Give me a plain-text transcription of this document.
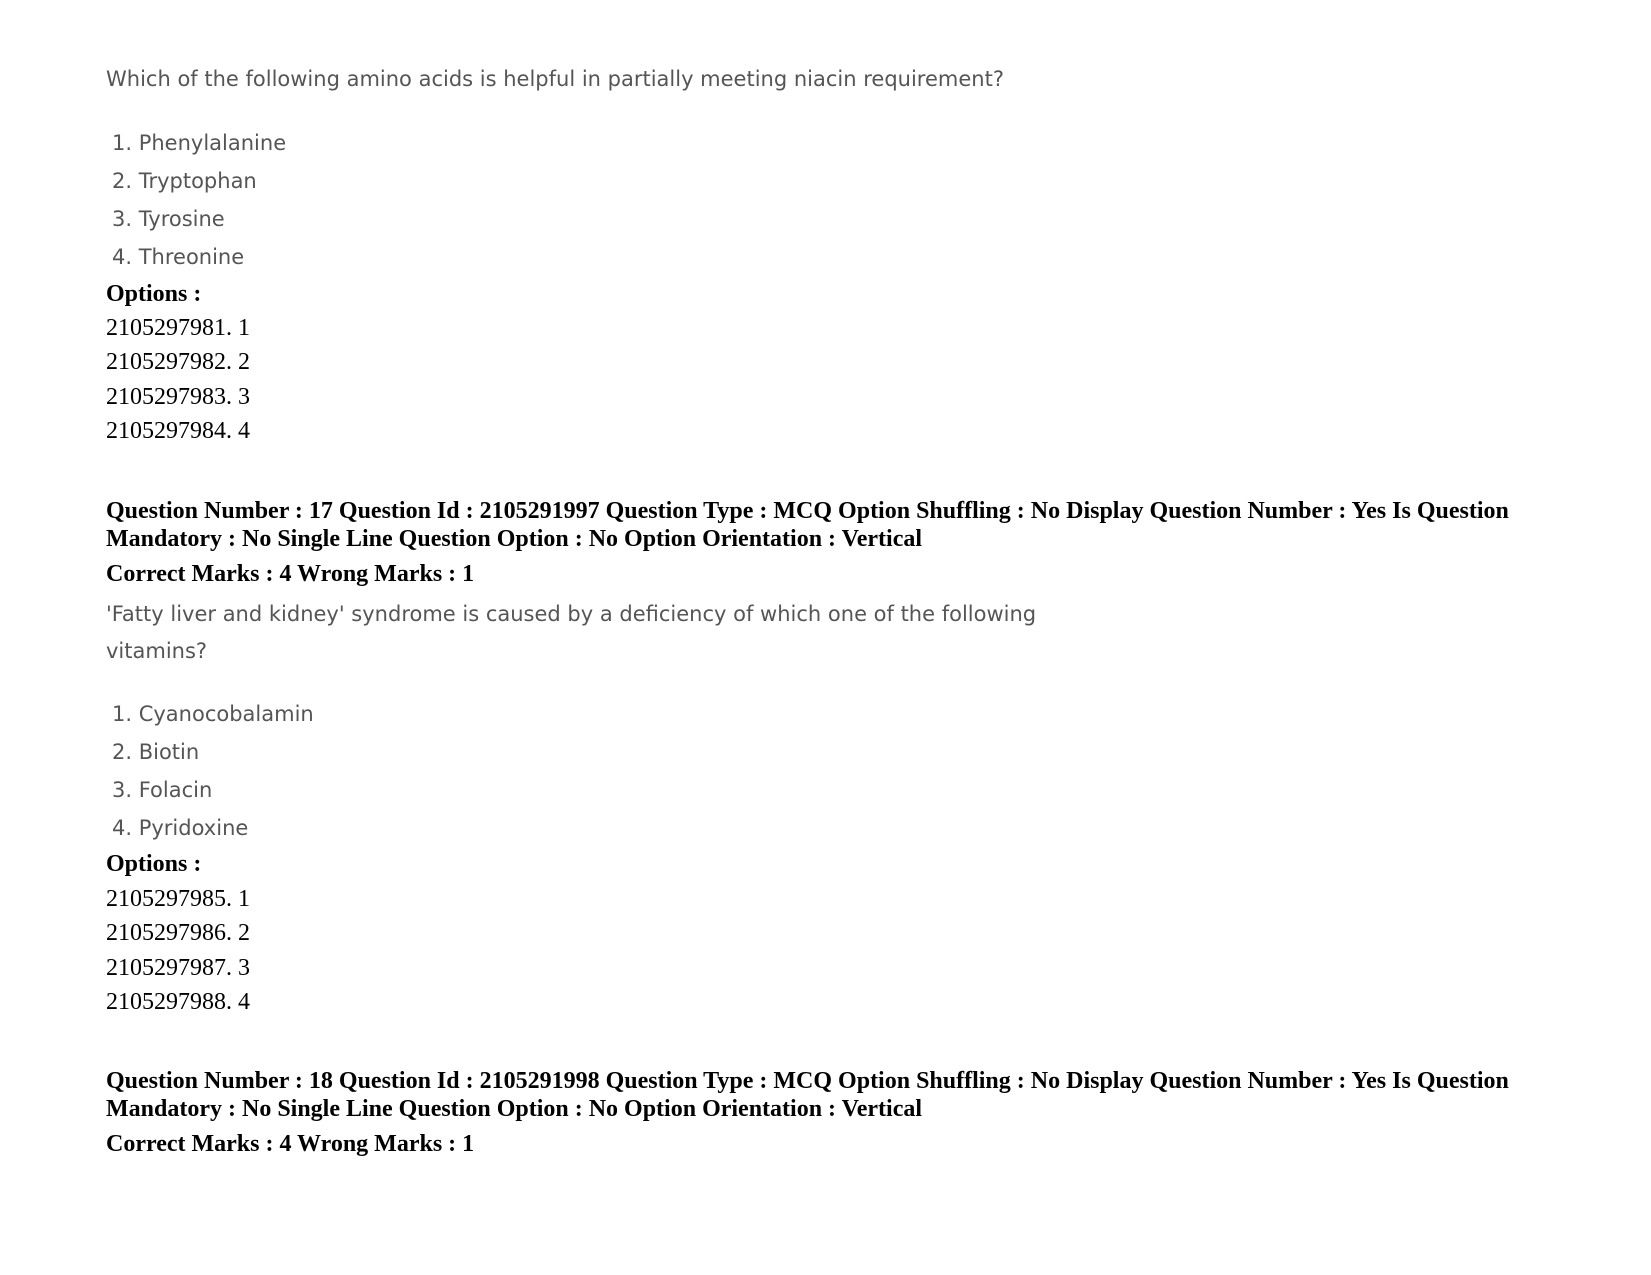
Which of the following amino acids is helpful in partially meeting niacin requirement?
1. Phenylalanine
2. Tryptophan
3. Tyrosine
4. Threonine
Options :
2105297981. 1
2105297982. 2
2105297983. 3
2105297984. 4
Question Number : 17 Question Id : 2105291997 Question Type : MCQ Option Shuffling : No Display Question Number : Yes Is Question Mandatory : No Single Line Question Option : No Option Orientation : Vertical
Correct Marks : 4 Wrong Marks : 1
'Fatty liver and kidney' syndrome is caused by a deficiency of which one of the following
vitamins?
1. Cyanocobalamin
2. Biotin
3. Folacin
4. Pyridoxine
Options :
2105297985. 1
2105297986. 2
2105297987. 3
2105297988. 4
Question Number : 18 Question Id : 2105291998 Question Type : MCQ Option Shuffling : No Display Question Number : Yes Is Question Mandatory : No Single Line Question Option : No Option Orientation : Vertical
Correct Marks : 4 Wrong Marks : 1
